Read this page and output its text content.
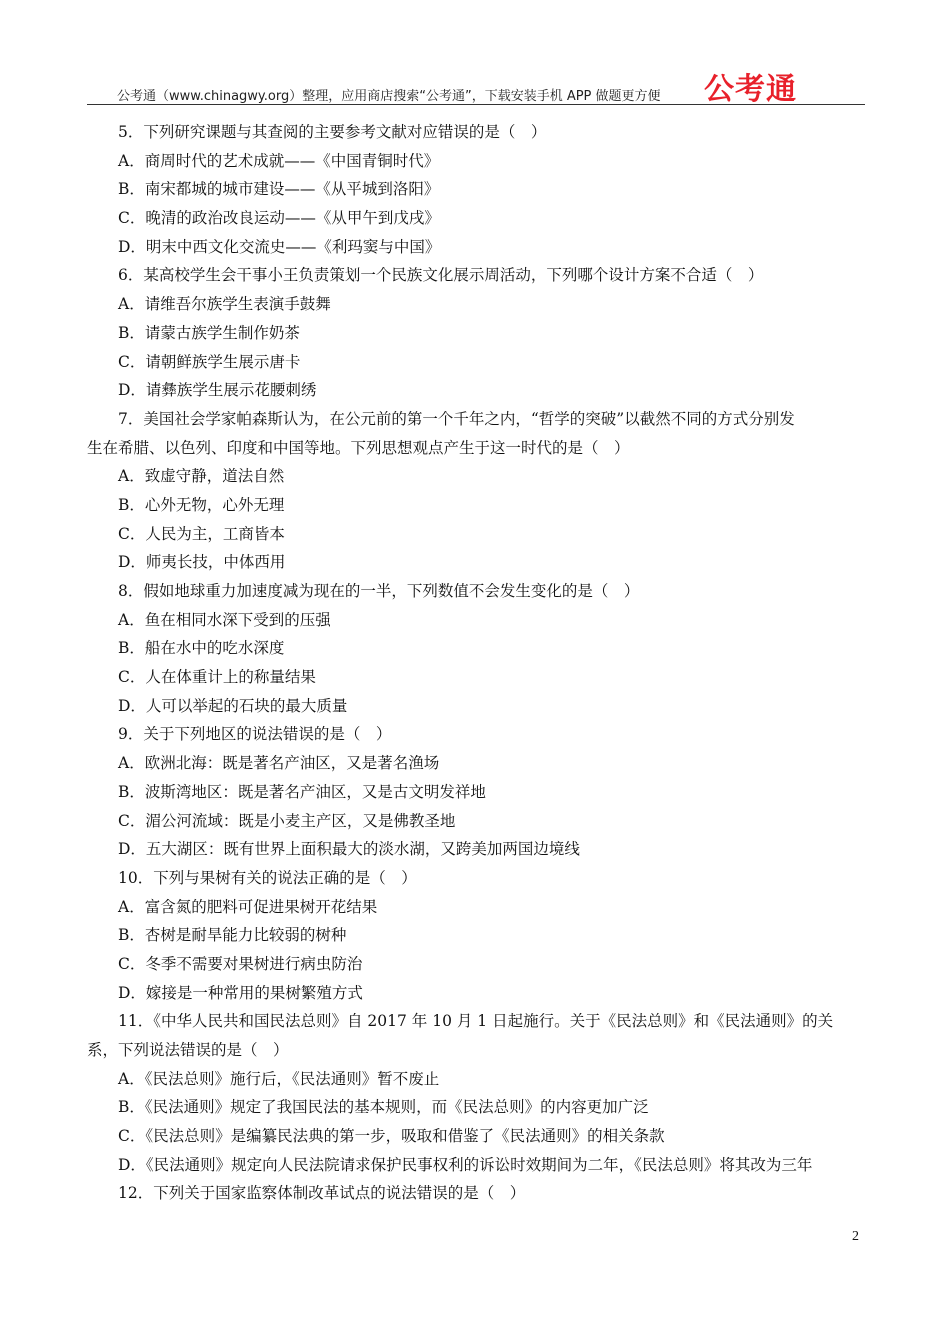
公考通（www.chinagwy.org）整理，应用商店搜索“公考通”，下载安装手机 APP 做题更方便 公考通
5．下列研究课题与其查阅的主要参考文献对应错误的是（　）
A．商周时代的艺术成就——《中国青铜时代》
B．南宋都城的城市建设——《从平城到洛阳》
C．晚清的政治改良运动——《从甲午到戊戌》
D．明末中西文化交流史——《利玛窦与中国》
6．某高校学生会干事小王负责策划一个民族文化展示周活动，下列哪个设计方案不合适（　）
A．请维吾尔族学生表演手鼓舞
B．请蒙古族学生制作奶茶
C．请朝鲜族学生展示唐卡
D．请彝族学生展示花腰刺绣
7．美国社会学家帕森斯认为，在公元前的第一个千年之内，“哲学的突破”以截然不同的方式分别发
生在希腊、以色列、印度和中国等地。下列思想观点产生于这一时代的是（　）
A．致虚守静，道法自然
B．心外无物，心外无理
C．人民为主，工商皆本
D．师夷长技，中体西用
8．假如地球重力加速度减为现在的一半，下列数值不会发生变化的是（　）
A．鱼在相同水深下受到的压强
B．船在水中的吃水深度
C．人在体重计上的称量结果
D．人可以举起的石块的最大质量
9．关于下列地区的说法错误的是（　）
A．欧洲北海：既是著名产油区，又是著名渔场
B．波斯湾地区：既是著名产油区，又是古文明发祥地
C．湄公河流域：既是小麦主产区，又是佛教圣地
D．五大湖区：既有世界上面积最大的淡水湖，又跨美加两国边境线
10．下列与果树有关的说法正确的是（　）
A．富含氮的肥料可促进果树开花结果
B．杏树是耐旱能力比较弱的树种
C．冬季不需要对果树进行病虫防治
D．嫁接是一种常用的果树繁殖方式
11．《中华人民共和国民法总则》自 2017 年 10 月 1 日起施行。关于《民法总则》和《民法通则》的关
系，下列说法错误的是（　）
A．《民法总则》施行后，《民法通则》暂不废止
B．《民法通则》规定了我国民法的基本规则，而《民法总则》的内容更加广泛
C．《民法总则》是编纂民法典的第一步，吸取和借鉴了《民法通则》的相关条款
D．《民法通则》规定向人民法院请求保护民事权利的诉讼时效期间为二年，《民法总则》将其改为三年
12．下列关于国家监察体制改革试点的说法错误的是（　）
2
